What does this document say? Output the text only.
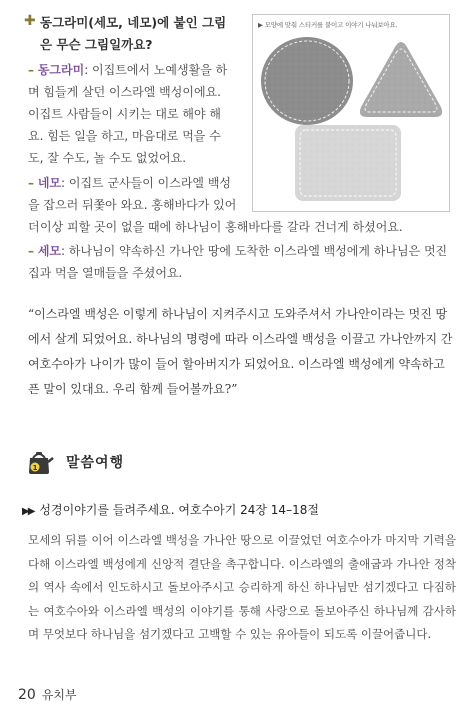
✚ 동그라미(세모, 네모)에 붙인 그림은 무슨 그림일까요?
– 동그라미: 이집트에서 노예생활을 하며 힘들게 살던 이스라엘 백성이에요. 이집트 사람들이 시키는 대로 해야 해요. 힘든 일을 하고, 마음대로 먹을 수도, 잘 수도, 놀 수도 없었어요.
– 네모: 이집트 군사들이 이스라엘 백성을 잡으러 뒤쫓아 와요. 홍해바다가 있어 더 이상 피할 곳이 없을 때에 하나님이 홍해바다를 갈라 건너게 하셨어요.
– 세모: 하나님이 약속하신 가나안 땅에 도착한 이스라엘 백성에게 하나님은 멋진 집과 먹을 열매들을 주셨어요.
▶ 모양에 맞춰 스티커를 붙이고 이야기 나눠보아요.
“이스라엘 백성은 이렇게 하나님이 지켜주시고 도와주셔서 가나안이라는 멋진 땅에서 살게 되었어요. 하나님의 명령에 따라 이스라엘 백성을 이끌고 가나안까지 간 여호수아가 나이가 많이 들어 할아버지가 되었어요. 이스라엘 백성에게 약속하고픈 말이 있대요. 우리 함께 들어볼까요?”
1 말씀여행
▶▶ 성경이야기를 들려주세요. 여호수아기 24장 14–18절
모세의 뒤를 이어 이스라엘 백성을 가나안 땅으로 이끌었던 여호수아가 마지막 기력을 다해 이스라엘 백성에게 신앙적 결단을 촉구합니다. 이스라엘의 출애굽과 가나안 정착의 역사 속에서 인도하시고 돌보아주시고 승리하게 하신 하나님만 섬기겠다고 다짐하는 여호수아와 이스라엘 백성의 이야기를 통해 사랑으로 돌보아주신 하나님께 감사하며 무엇보다 하나님을 섬기겠다고 고백할 수 있는 유아들이 되도록 이끌어줍니다.
20 유치부
